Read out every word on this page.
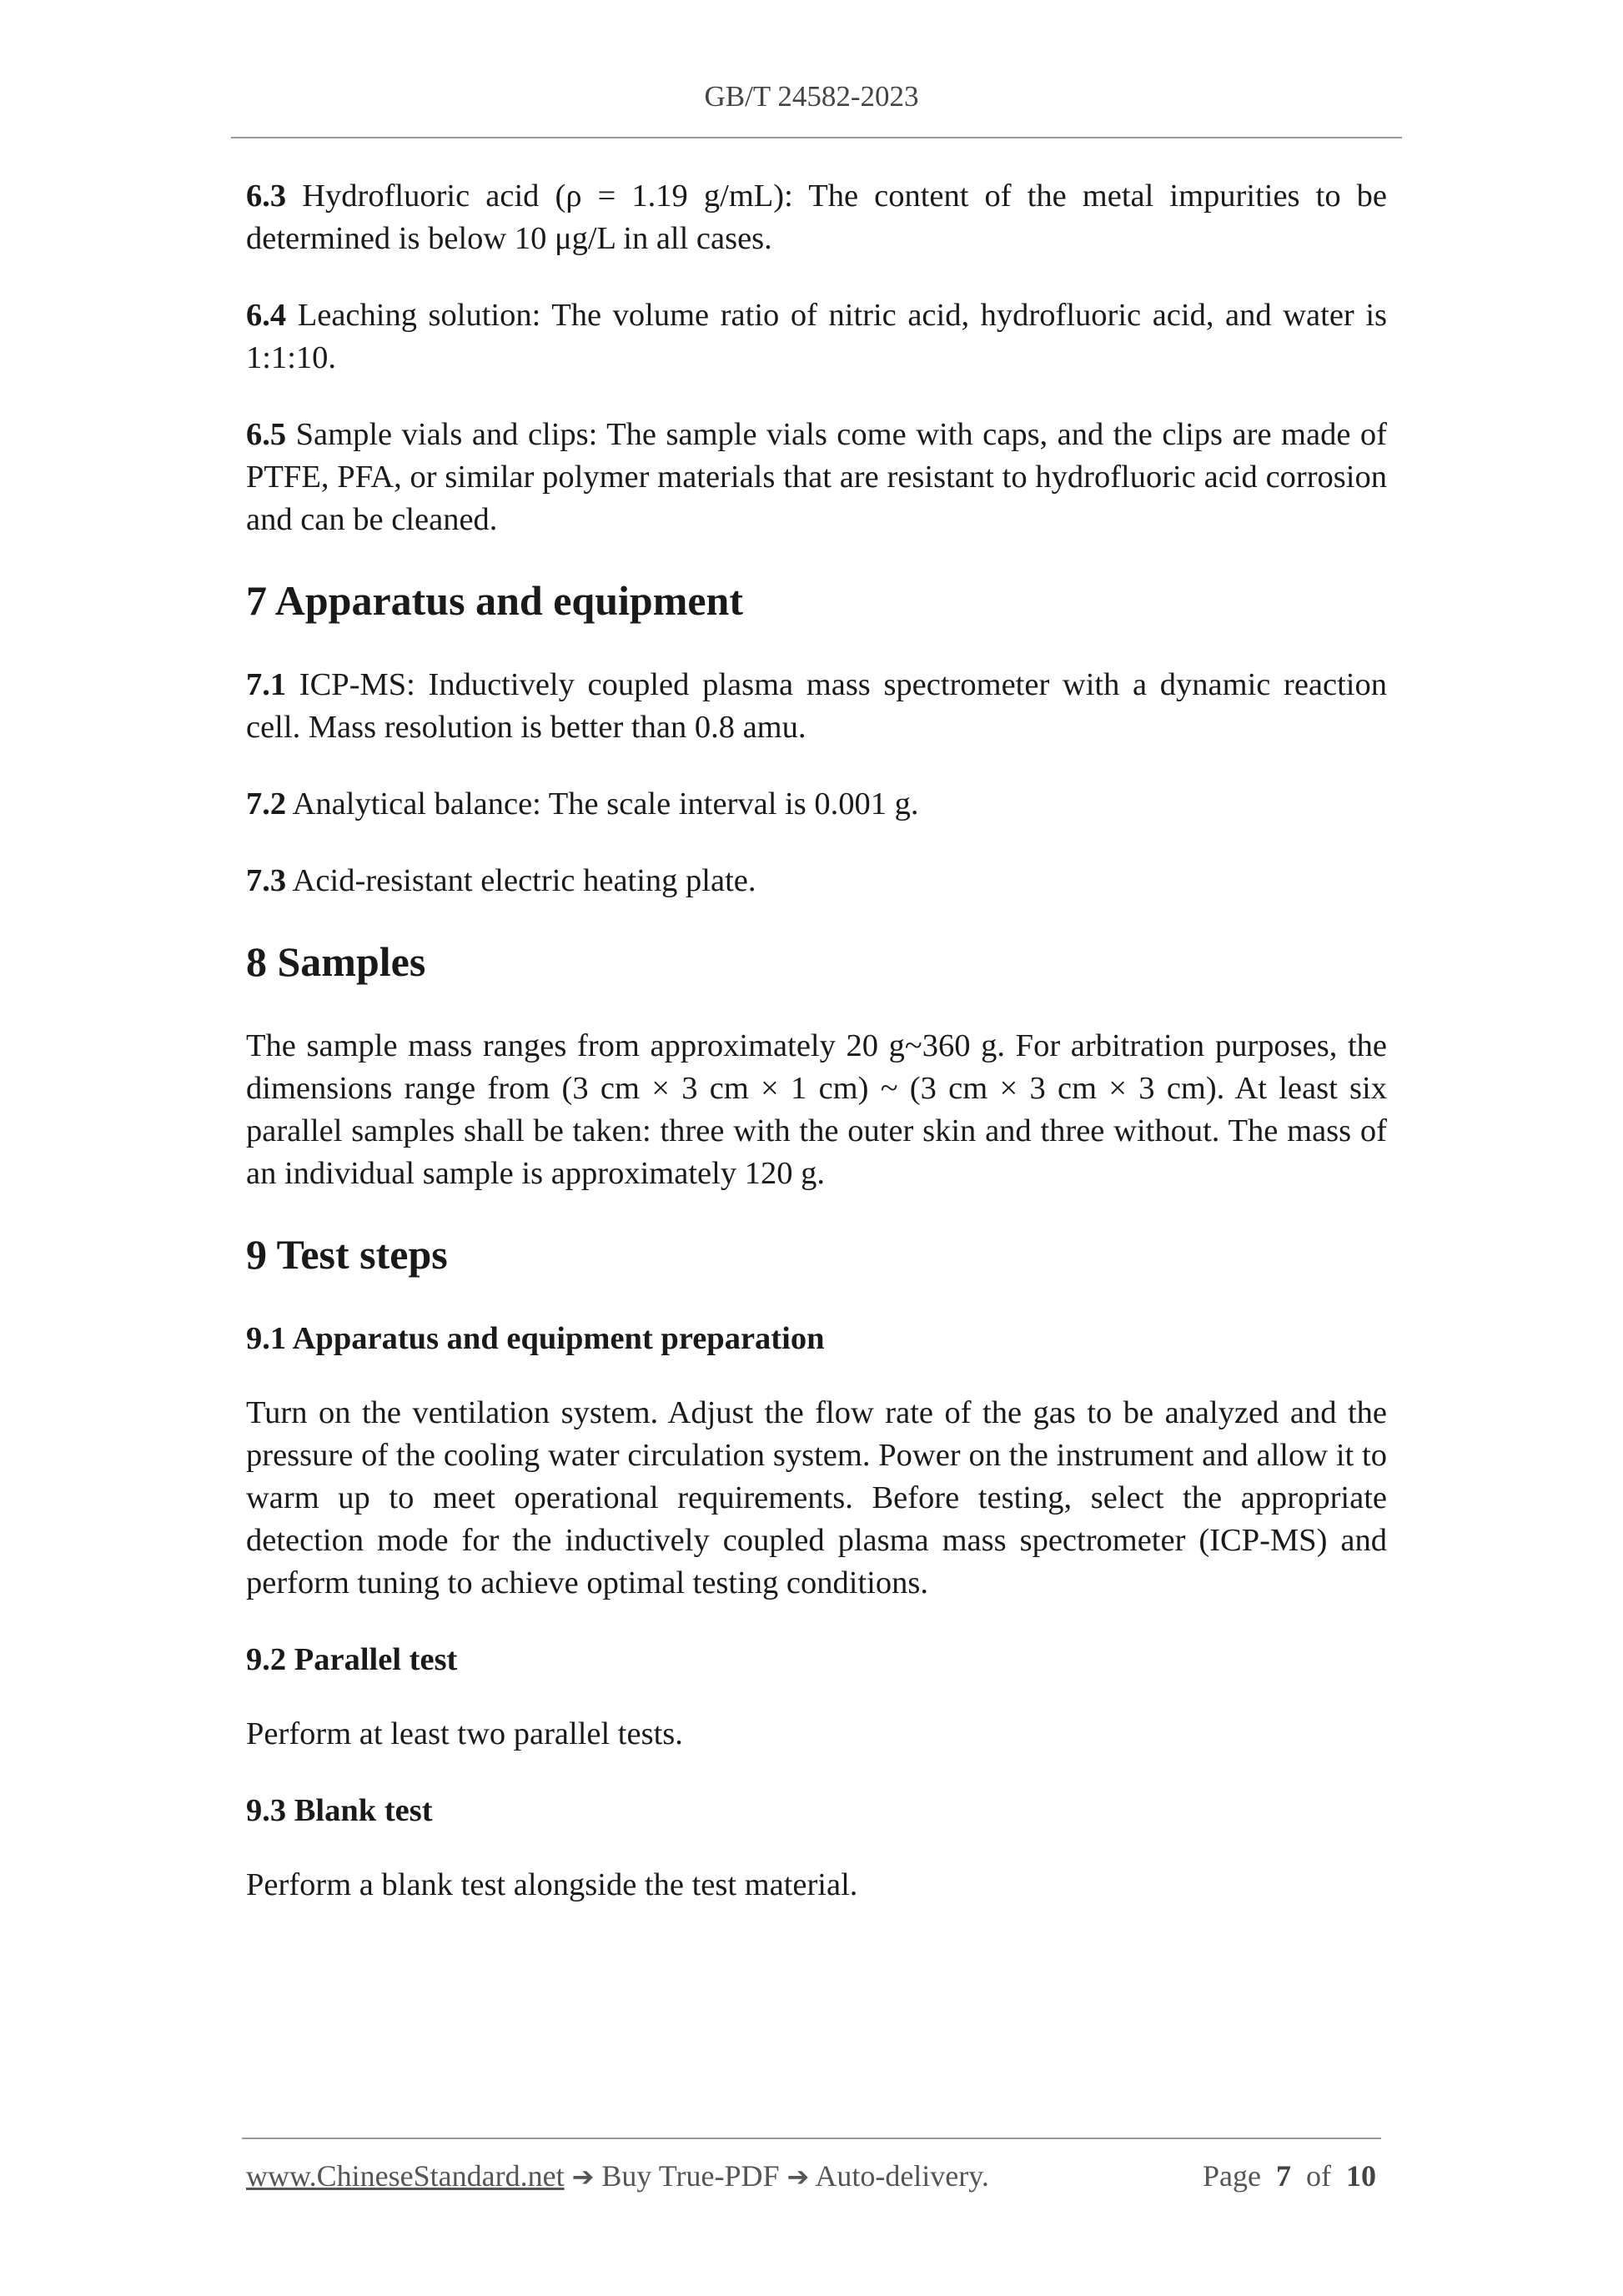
GB/T 24582-2023

6.3 Hydrofluoric acid (ρ = 1.19 g/mL): The content of the metal impurities to be determined is below 10 μg/L in all cases.

6.4 Leaching solution: The volume ratio of nitric acid, hydrofluoric acid, and water is 1:1:10.

6.5 Sample vials and clips: The sample vials come with caps, and the clips are made of PTFE, PFA, or similar polymer materials that are resistant to hydrofluoric acid corrosion and can be cleaned.

7 Apparatus and equipment

7.1 ICP-MS: Inductively coupled plasma mass spectrometer with a dynamic reaction cell. Mass resolution is better than 0.8 amu.

7.2 Analytical balance: The scale interval is 0.001 g.

7.3 Acid-resistant electric heating plate.

8 Samples

The sample mass ranges from approximately 20 g~360 g. For arbitration purposes, the dimensions range from (3 cm × 3 cm × 1 cm) ~ (3 cm × 3 cm × 3 cm). At least six parallel samples shall be taken: three with the outer skin and three without. The mass of an individual sample is approximately 120 g.

9 Test steps
9.1 Apparatus and equipment preparation

Turn on the ventilation system. Adjust the flow rate of the gas to be analyzed and the pressure of the cooling water circulation system. Power on the instrument and allow it to warm up to meet operational requirements. Before testing, select the appropriate detection mode for the inductively coupled plasma mass spectrometer (ICP-MS) and perform tuning to achieve optimal testing conditions.

9.2 Parallel test

Perform at least two parallel tests.

9.3 Blank test

Perform a blank test alongside the test material.

www.ChineseStandard.net ➔ Buy True-PDF ➔ Auto-delivery.	Page 7 of 10
